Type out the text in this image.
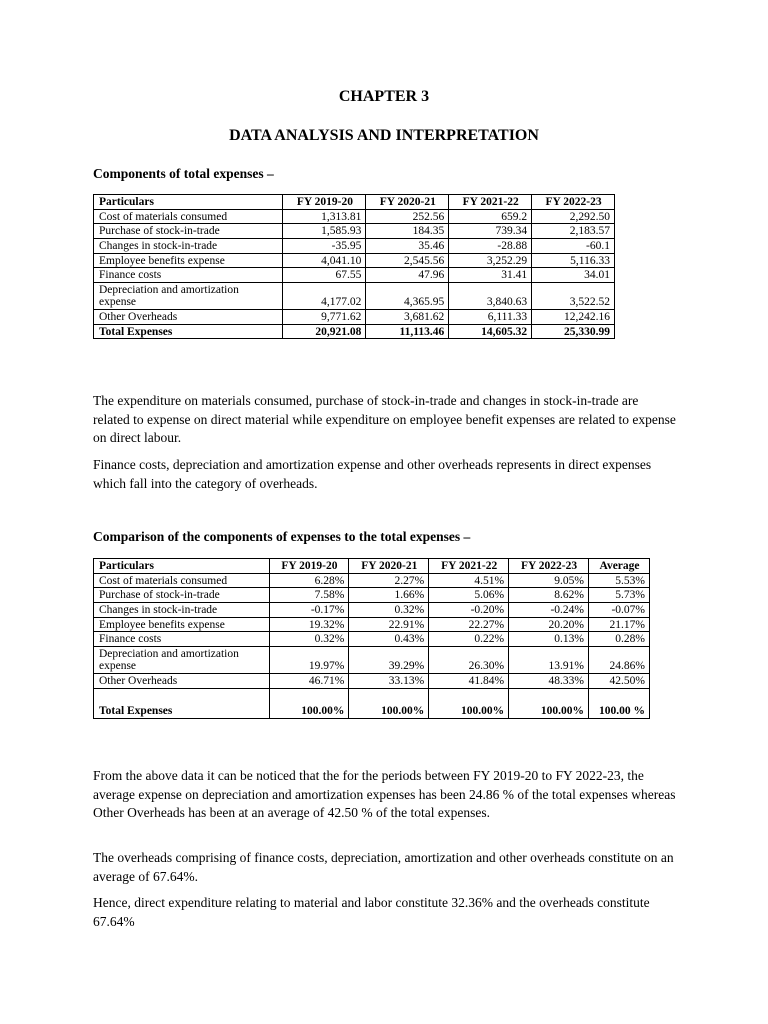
CHAPTER 3
DATA ANALYSIS AND INTERPRETATION
Components of total expenses –
Particulars	FY 2019-20	FY 2020-21	FY 2021-22	FY 2022-23
Cost of materials consumed	1,313.81	252.56	659.2	2,292.50
Purchase of stock-in-trade	1,585.93	184.35	739.34	2,183.57
Changes in stock-in-trade	-35.95	35.46	-28.88	-60.1
Employee benefits expense	4,041.10	2,545.56	3,252.29	5,116.33
Finance costs	67.55	47.96	31.41	34.01
Depreciation and amortization
expense	4,177.02	4,365.95	3,840.63	3,522.52
Other Overheads	9,771.62	3,681.62	6,111.33	12,242.16
Total Expenses	20,921.08	11,113.46	14,605.32	25,330.99
The expenditure on materials consumed, purchase of stock-in-trade and changes in stock-in-trade are related to expense on direct material while expenditure on employee benefit expenses are related to expense on direct labour.
Finance costs, depreciation and amortization expense and other overheads represents in direct expenses which fall into the category of overheads.
Comparison of the components of expenses to the total expenses –
Particulars	FY 2019-20	FY 2020-21	FY 2021-22	FY 2022-23	Average
Cost of materials consumed	6.28%	2.27%	4.51%	9.05%	5.53%
Purchase of stock-in-trade	7.58%	1.66%	5.06%	8.62%	5.73%
Changes in stock-in-trade	-0.17%	0.32%	-0.20%	-0.24%	-0.07%
Employee benefits expense	19.32%	22.91%	22.27%	20.20%	21.17%
Finance costs	0.32%	0.43%	0.22%	0.13%	0.28%
Depreciation and amortization
expense	19.97%	39.29%	26.30%	13.91%	24.86%
Other Overheads	46.71%	33.13%	41.84%	48.33%	42.50%
Total Expenses	100.00%	100.00%	100.00%	100.00%	100.00 %
From the above data it can be noticed that the for the periods between FY 2019-20 to FY 2022-23, the average expense on depreciation and amortization expenses has been 24.86 % of the total expenses whereas Other Overheads has been at an average of 42.50 % of the total expenses.
The overheads comprising of finance costs, depreciation, amortization and other overheads constitute on an average of 67.64%.
Hence, direct expenditure relating to material and labor constitute 32.36% and the overheads constitute 67.64%
